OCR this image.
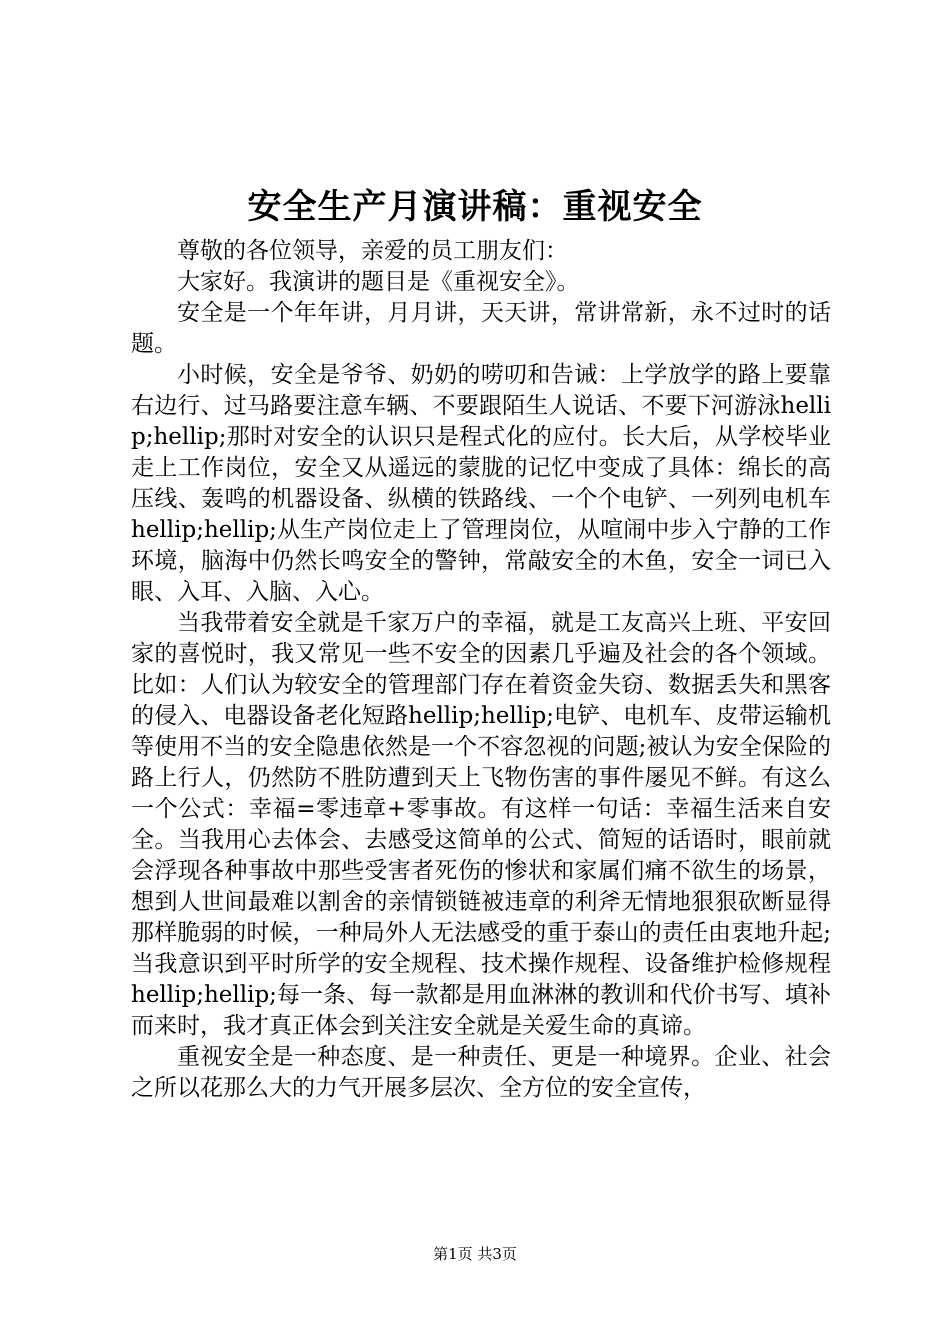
安全生产月演讲稿：重视安全

尊敬的各位领导，亲爱的员工朋友们：

大家好。我演讲的题目是《重视安全》。

安全是一个年年讲，月月讲，天天讲，常讲常新，永不过时的话题。

小时候，安全是爷爷、奶奶的唠叨和告诫：上学放学的路上要靠右边行、过马路要注意车辆、不要跟陌生人说话、不要下河游泳hellip;hellip;那时对安全的认识只是程式化的应付。长大后，从学校毕业走上工作岗位，安全又从遥远的蒙胧的记忆中变成了具体：绵长的高压线、轰鸣的机器设备、纵横的铁路线、一个个电铲、一列列电机车hellip;hellip;从生产岗位走上了管理岗位，从喧闹中步入宁静的工作环境，脑海中仍然长鸣安全的警钟，常敲安全的木鱼，安全一词已入眼、入耳、入脑、入心。

当我带着安全就是千家万户的幸福，就是工友高兴上班、平安回家的喜悦时，我又常见一些不安全的因素几乎遍及社会的各个领域。比如：人们认为较安全的管理部门存在着资金失窃、数据丢失和黑客的侵入、电器设备老化短路hellip;hellip;电铲、电机车、皮带运输机等使用不当的安全隐患依然是一个不容忽视的问题;被认为安全保险的路上行人，仍然防不胜防遭到天上飞物伤害的事件屡见不鲜。有这么一个公式：幸福=零违章+零事故。有这样一句话：幸福生活来自安全。当我用心去体会、去感受这简单的公式、简短的话语时，眼前就会浮现各种事故中那些受害者死伤的惨状和家属们痛不欲生的场景，想到人世间最难以割舍的亲情锁链被违章的利斧无情地狠狠砍断显得那样脆弱的时候，一种局外人无法感受的重于泰山的责任由衷地升起;当我意识到平时所学的安全规程、技术操作规程、设备维护检修规程hellip;hellip;每一条、每一款都是用血淋淋的教训和代价书写、填补而来时，我才真正体会到关注安全就是关爱生命的真谛。

重视安全是一种态度、是一种责任、更是一种境界。企业、社会之所以花那么大的力气开展多层次、全方位的安全宣传，

第1页 共3页
